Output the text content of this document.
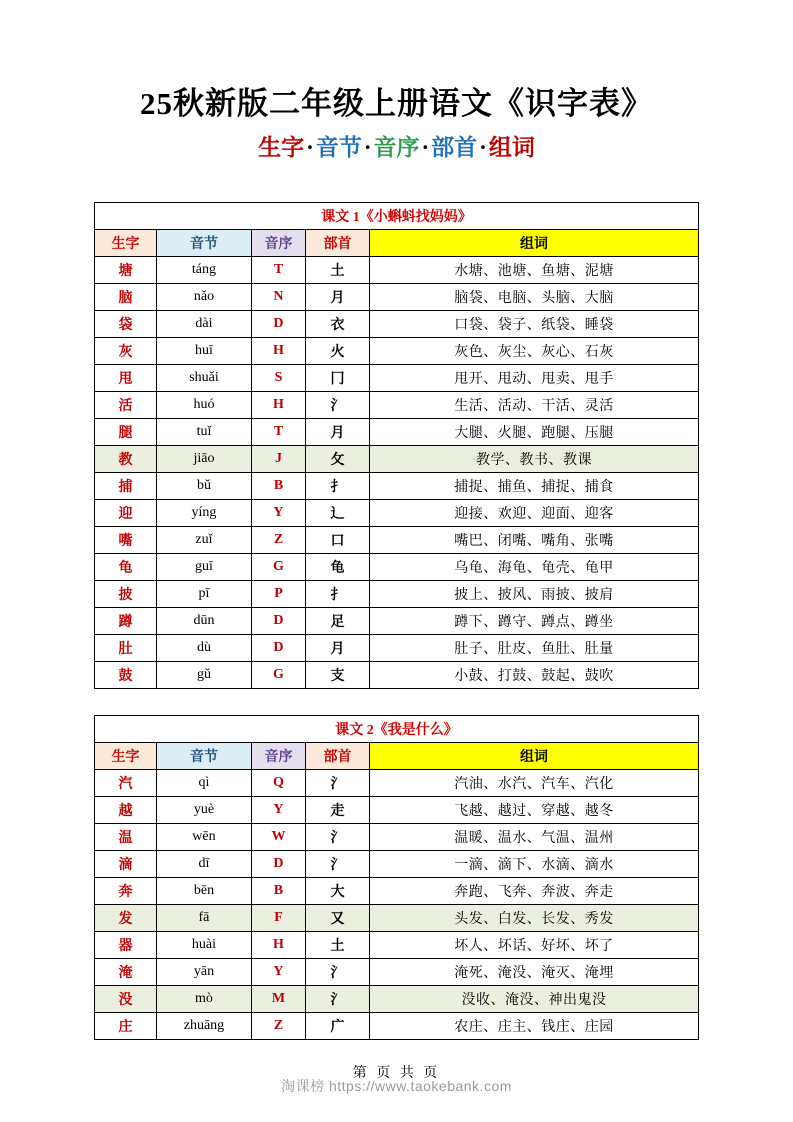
25秋新版二年级上册语文《识字表》
生字·音节·音序·部首·组词
课文 1《小蝌蚪找妈妈》				
生字	音节	音序	部首	组词
塘	táng	T	土	水塘、池塘、鱼塘、泥塘
脑	nǎo	N	月	脑袋、电脑、头脑、大脑
袋	dài	D	衣	口袋、袋子、纸袋、睡袋
灰	huī	H	火	灰色、灰尘、灰心、石灰
甩	shuǎi	S	冂	甩开、甩动、甩卖、甩手
活	huó	H	氵	生活、活动、干活、灵活
腿	tuǐ	T	月	大腿、火腿、跑腿、压腿
教	jiāo	J	攵	教学、教书、教课
捕	bǔ	B	扌	捕捉、捕鱼、捕捉、捕食
迎	yíng	Y	辶	迎接、欢迎、迎面、迎客
嘴	zuǐ	Z	口	嘴巴、闭嘴、嘴角、张嘴
龟	guī	G	龟	乌龟、海龟、龟壳、龟甲
披	pī	P	扌	披上、披风、雨披、披肩
蹲	dūn	D	足	蹲下、蹲守、蹲点、蹲坐
肚	dù	D	月	肚子、肚皮、鱼肚、肚量
鼓	gǔ	G	支	小鼓、打鼓、鼓起、鼓吹
课文 2《我是什么》				
生字	音节	音序	部首	组词
汽	qì	Q	氵	汽油、水汽、汽车、汽化
越	yuè	Y	走	飞越、越过、穿越、越冬
温	wēn	W	氵	温暖、温水、气温、温州
滴	dī	D	氵	一滴、滴下、水滴、滴水
奔	bēn	B	大	奔跑、飞奔、奔波、奔走
发	fā	F	又	头发、白发、长发、秀发
器	huài	H	土	坏人、坏话、好坏、坏了
淹	yān	Y	氵	淹死、淹没、淹灭、淹埋
没	mò	M	氵	没收、淹没、神出鬼没
庄	zhuāng	Z	广	农庄、庄主、钱庄、庄园
第 页 共 页
淘课榜 https://www.taokebank.com
